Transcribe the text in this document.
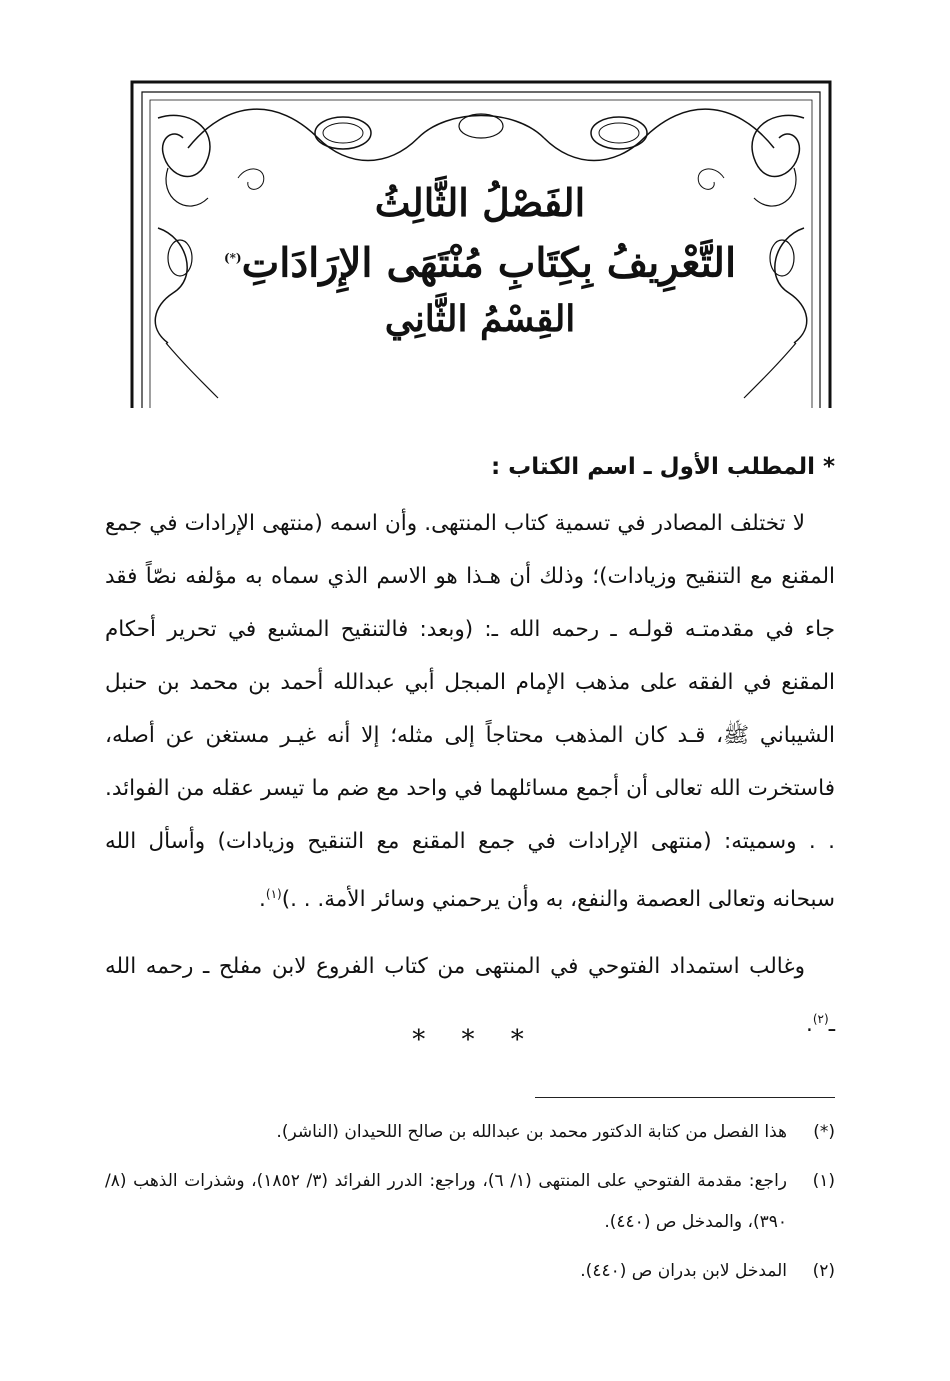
الفَصْلُ الثَّالِثُ
التَّعْرِيفُ بِكِتَابِ مُنْتَهَى الإِرَادَاتِ(*)
القِسْمُ الثَّانِي
* المطلب الأول ـ اسم الكتاب :

لا تختلف المصادر في تسمية كتاب المنتهى. وأن اسمه (منتهى الإرادات في جمع المقنع مع التنقيح وزيادات)؛ وذلك أن هـذا هو الاسم الذي سماه به مؤلفه نصّاً فقد جاء في مقدمتـه قولـه ـ رحمه الله ـ: (وبعد: فالتنقيح المشبع في تحرير أحكام المقنع في الفقه على مذهب الإمام المبجل أبي عبدالله أحمد بن محمد بن حنبل الشيباني ﷺ، قـد كان المذهب محتاجاً إلى مثله؛ إلا أنه غيـر مستغن عن أصله، فاستخرت الله تعالى أن أجمع مسائلهما في واحد مع ضم ما تيسر عقله من الفوائد. . . وسميته: (منتهى الإرادات في جمع المقنع مع التنقيح وزيادات) وأسأل الله سبحانه وتعالى العصمة والنفع، به وأن يرحمني وسائر الأمة. . .)$^{(١)}$.

وغالب استمداد الفتوحي في المنتهى من كتاب الفروع لابن مفلح ـ رحمه الله ـ$^{(٢)}$.

* * *

(*)
هذا الفصل من كتابة الدكتور محمد بن عبدالله بن صالح اللحيدان (الناشر).

(١)
راجع: مقدمة الفتوحي على المنتهى (١/ ٦)، وراجع: الدرر الفرائد (٣/ ١٨٥٢)، وشذرات الذهب (٨/ ٣٩٠)، والمدخل ص (٤٤٠).

(٢)
المدخل لابن بدران ص (٤٤٠).
